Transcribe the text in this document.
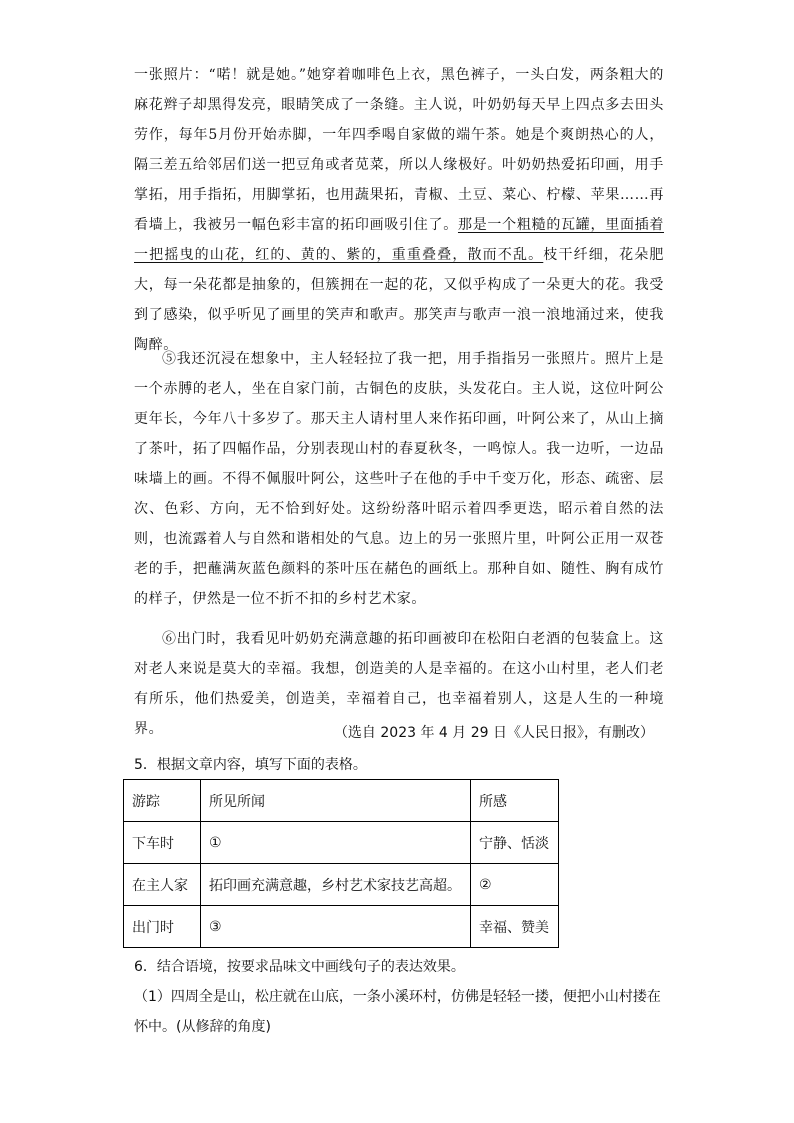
一张照片：“喏！就是她。”她穿着咖啡色上衣，黑色裤子，一头白发，两条粗大的麻花辫子却黑得发亮，眼睛笑成了一条缝。主人说，叶奶奶每天早上四点多去田头劳作，每年5月份开始赤脚，一年四季喝自家做的端午茶。她是个爽朗热心的人，隔三差五给邻居们送一把豆角或者苋菜，所以人缘极好。叶奶奶热爱拓印画，用手掌拓，用手指拓，用脚掌拓，也用蔬果拓，青椒、土豆、菜心、柠檬、苹果……再看墙上，我被另一幅色彩丰富的拓印画吸引住了。那是一个粗糙的瓦罐，里面插着一把摇曳的山花，红的、黄的、紫的，重重叠叠，散而不乱。枝干纤细，花朵肥大，每一朵花都是抽象的，但簇拥在一起的花，又似乎构成了一朵更大的花。我受到了感染，似乎听见了画里的笑声和歌声。那笑声与歌声一浪一浪地涌过来，使我陶醉。
⑤我还沉浸在想象中，主人轻轻拉了我一把，用手指指另一张照片。照片上是一个赤膊的老人，坐在自家门前，古铜色的皮肤，头发花白。主人说，这位叶阿公更年长，今年八十多岁了。那天主人请村里人来作拓印画，叶阿公来了，从山上摘了茶叶，拓了四幅作品，分别表现山村的春夏秋冬，一鸣惊人。我一边听，一边品味墙上的画。不得不佩服叶阿公，这些叶子在他的手中千变万化，形态、疏密、层次、色彩、方向，无不恰到好处。这纷纷落叶昭示着四季更迭，昭示着自然的法则，也流露着人与自然和谐相处的气息。边上的另一张照片里，叶阿公正用一双苍老的手，把蘸满灰蓝色颜料的茶叶压在赭色的画纸上。那种自如、随性、胸有成竹的样子，伊然是一位不折不扣的乡村艺术家。
⑥出门时，我看见叶奶奶充满意趣的拓印画被印在松阳白老酒的包装盒上。这对老人来说是莫大的幸福。我想，创造美的人是幸福的。在这小山村里，老人们老有所乐，他们热爱美，创造美，幸福着自己，也幸福着别人，这是人生的一种境界。	（选自 2023 年 4 月 29 日《人民日报》，有删改）
5．根据文章内容，填写下面的表格。
游踪	所见所闻	所感
下车时	①	宁静、恬淡
在主人家	拓印画充满意趣，乡村艺术家技艺高超。	②
出门时	③	幸福、赞美
6．结合语境，按要求品味文中画线句子的表达效果。
（1）四周全是山，松庄就在山底，一条小溪环村，仿佛是轻轻一搂，便把小山村搂在怀中。(从修辞的角度)
